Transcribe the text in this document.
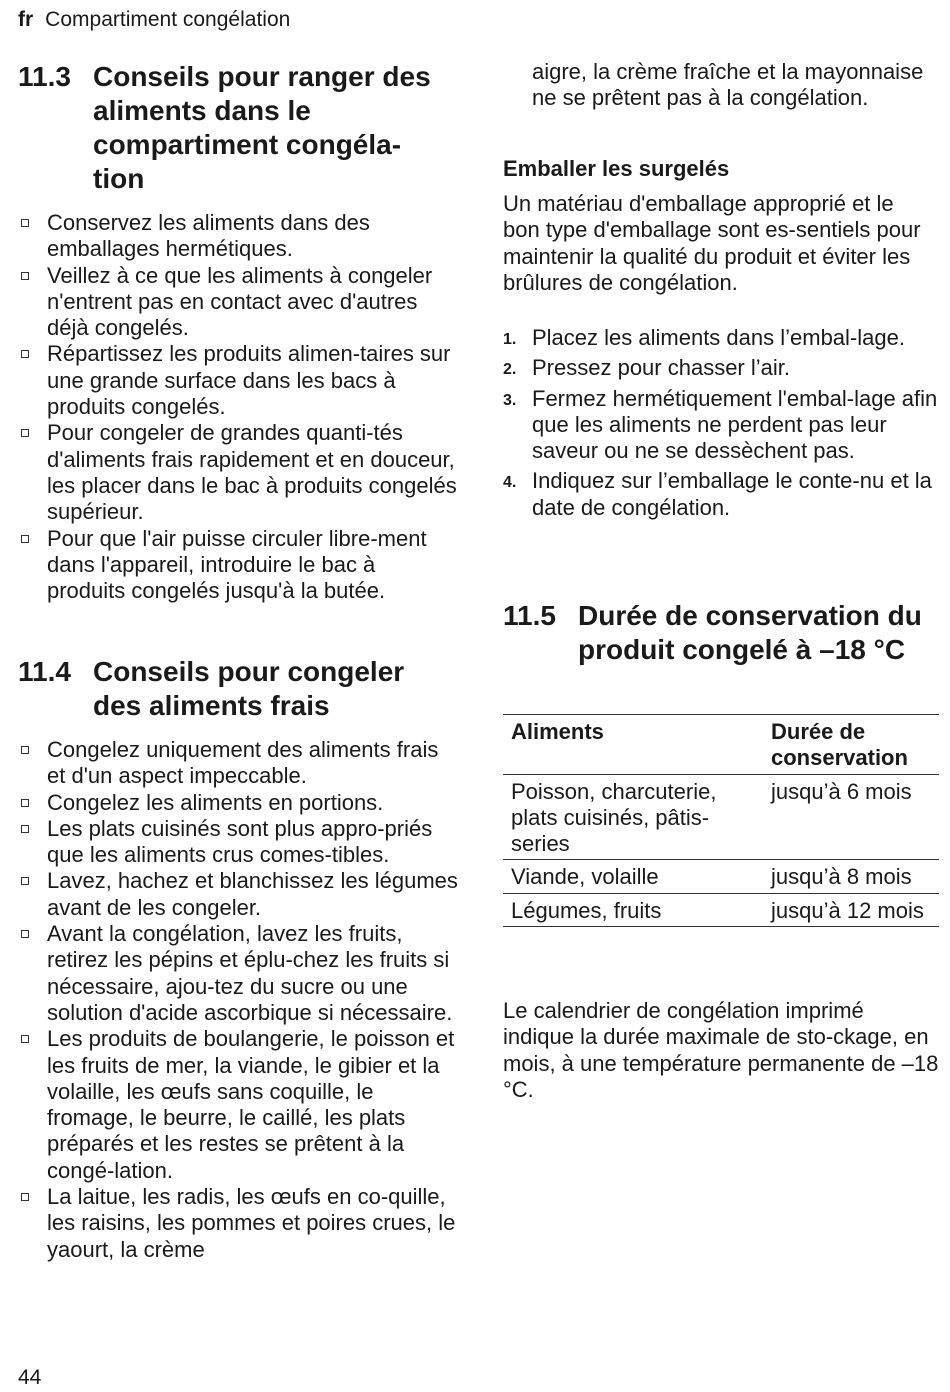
fr Compartiment congélation
11.3 Conseils pour ranger des aliments dans le compartiment congéla-tion
Conservez les aliments dans des emballages hermétiques.
Veillez à ce que les aliments à congeler n'entrent pas en contact avec d'autres déjà congelés.
Répartissez les produits alimen-taires sur une grande surface dans les bacs à produits congelés.
Pour congeler de grandes quanti-tés d'aliments frais rapidement et en douceur, les placer dans le bac à produits congelés supérieur.
Pour que l'air puisse circuler libre-ment dans l'appareil, introduire le bac à produits congelés jusqu'à la butée.
11.4 Conseils pour congeler des aliments frais
Congelez uniquement des aliments frais et d'un aspect impeccable.
Congelez les aliments en portions.
Les plats cuisinés sont plus appro-priés que les aliments crus comes-tibles.
Lavez, hachez et blanchissez les légumes avant de les congeler.
Avant la congélation, lavez les fruits, retirez les pépins et éplu-chez les fruits si nécessaire, ajou-tez du sucre ou une solution d'acide ascorbique si nécessaire.
Les produits de boulangerie, le poisson et les fruits de mer, la viande, le gibier et la volaille, les œufs sans coquille, le fromage, le beurre, le caillé, les plats préparés et les restes se prêtent à la congé-lation.
La laitue, les radis, les œufs en co-quille, les raisins, les pommes et poires crues, le yaourt, la crème
aigre, la crème fraîche et la mayonnaise ne se prêtent pas à la congélation.
Emballer les surgelés
Un matériau d'emballage approprié et le bon type d'emballage sont es-sentiels pour maintenir la qualité du produit et éviter les brûlures de congélation.
1. Placez les aliments dans l’embal-lage.
2. Pressez pour chasser l’air.
3. Fermez hermétiquement l'embal-lage afin que les aliments ne perdent pas leur saveur ou ne se dessèchent pas.
4. Indiquez sur l’emballage le conte-nu et la date de congélation.
11.5 Durée de conservation du produit congelé à –18 °C
Aliments	Durée de conservation
Poisson, charcuterie, plats cuisinés, pâtis-series	jusqu’à 6 mois
Viande, volaille	jusqu’à 8 mois
Légumes, fruits	jusqu’à 12 mois
Le calendrier de congélation imprimé indique la durée maximale de sto-ckage, en mois, à une température permanente de –18 °C.
44
